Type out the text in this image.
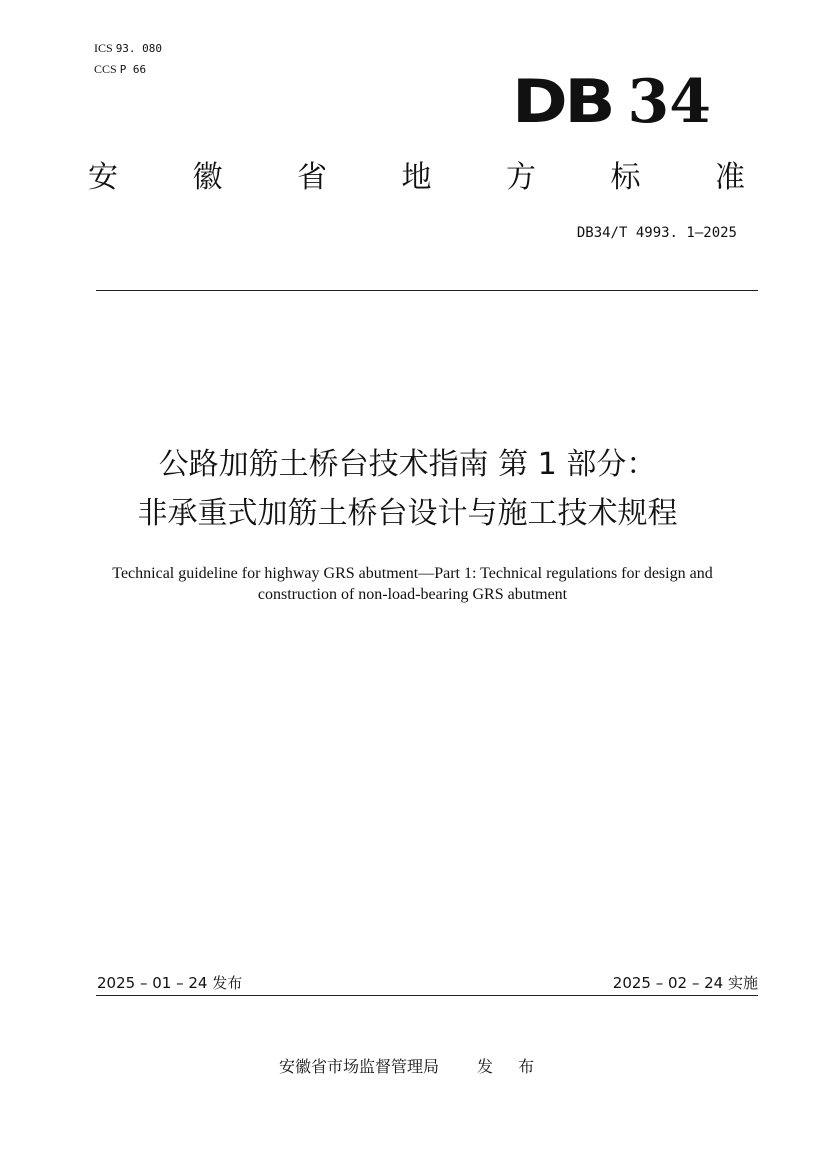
ICS 93. 080
CCS P 66	DB 34
安 徽 省 地 方 标 准
DB34/T 4993. 1—2025
公路加筋土桥台技术指南 第 1 部分：
非承重式加筋土桥台设计与施工技术规程
Technical guideline for highway GRS abutment—Part 1: Technical regulations for design and construction of non-load-bearing GRS abutment
2025 – 01 – 24 发布	2025 – 02 – 24 实施
安徽省市场监督管理局 发 布
